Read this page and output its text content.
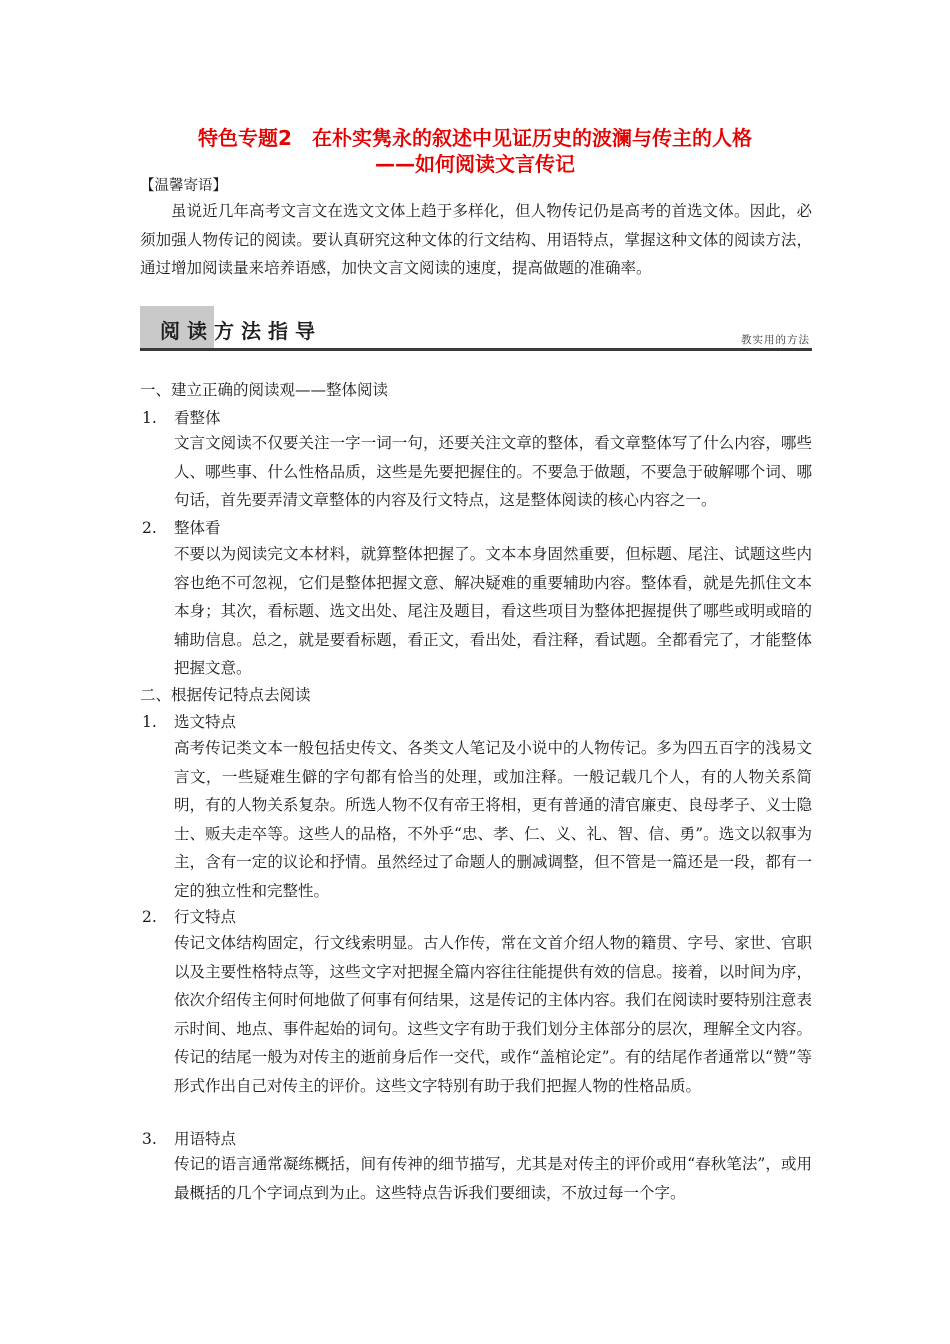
特色专题2　在朴实隽永的叙述中见证历史的波澜与传主的人格
——如何阅读文言传记
【温馨寄语】

虽说近几年高考文言文在选文文体上趋于多样化，但人物传记仍是高考的首选文体。因此，必须加强人物传记的阅读。要认真研究这种文体的行文结构、用语特点，掌握这种文体的阅读方法，通过增加阅读量来培养语感，加快文言文阅读的速度，提高做题的准确率。

阅读方法指导	教实用的方法
一、建立正确的阅读观——整体阅读
1. 看整体

文言文阅读不仅要关注一字一词一句，还要关注文章的整体，看文章整体写了什么内容，哪些人、哪些事、什么性格品质，这些是先要把握住的。不要急于做题，不要急于破解哪个词、哪句话，首先要弄清文章整体的内容及行文特点，这是整体阅读的核心内容之一。

2. 整体看

不要以为阅读完文本材料，就算整体把握了。文本本身固然重要，但标题、尾注、试题这些内容也绝不可忽视，它们是整体把握文意、解决疑难的重要辅助内容。整体看，就是先抓住文本本身；其次，看标题、选文出处、尾注及题目，看这些项目为整体把握提供了哪些或明或暗的辅助信息。总之，就是要看标题，看正文，看出处，看注释，看试题。全都看完了，才能整体把握文意。

二、根据传记特点去阅读
1. 选文特点

高考传记类文本一般包括史传文、各类文人笔记及小说中的人物传记。多为四五百字的浅易文言文，一些疑难生僻的字句都有恰当的处理，或加注释。一般记载几个人，有的人物关系简明，有的人物关系复杂。所选人物不仅有帝王将相，更有普通的清官廉吏、良母孝子、义士隐士、贩夫走卒等。这些人的品格，不外乎“忠、孝、仁、义、礼、智、信、勇”。选文以叙事为主，含有一定的议论和抒情。虽然经过了命题人的删减调整，但不管是一篇还是一段，都有一定的独立性和完整性。

2. 行文特点

传记文体结构固定，行文线索明显。古人作传，常在文首介绍人物的籍贯、字号、家世、官职以及主要性格特点等，这些文字对把握全篇内容往往能提供有效的信息。接着，以时间为序，依次介绍传主何时何地做了何事有何结果，这是传记的主体内容。我们在阅读时要特别注意表示时间、地点、事件起始的词句。这些文字有助于我们划分主体部分的层次，理解全文内容。传记的结尾一般为对传主的逝前身后作一交代，或作“盖棺论定”。有的结尾作者通常以“赞”等形式作出自己对传主的评价。这些文字特别有助于我们把握人物的性格品质。

3. 用语特点

传记的语言通常凝练概括，间有传神的细节描写，尤其是对传主的评价或用“春秋笔法”，或用最概括的几个字词点到为止。这些特点告诉我们要细读，不放过每一个字。
